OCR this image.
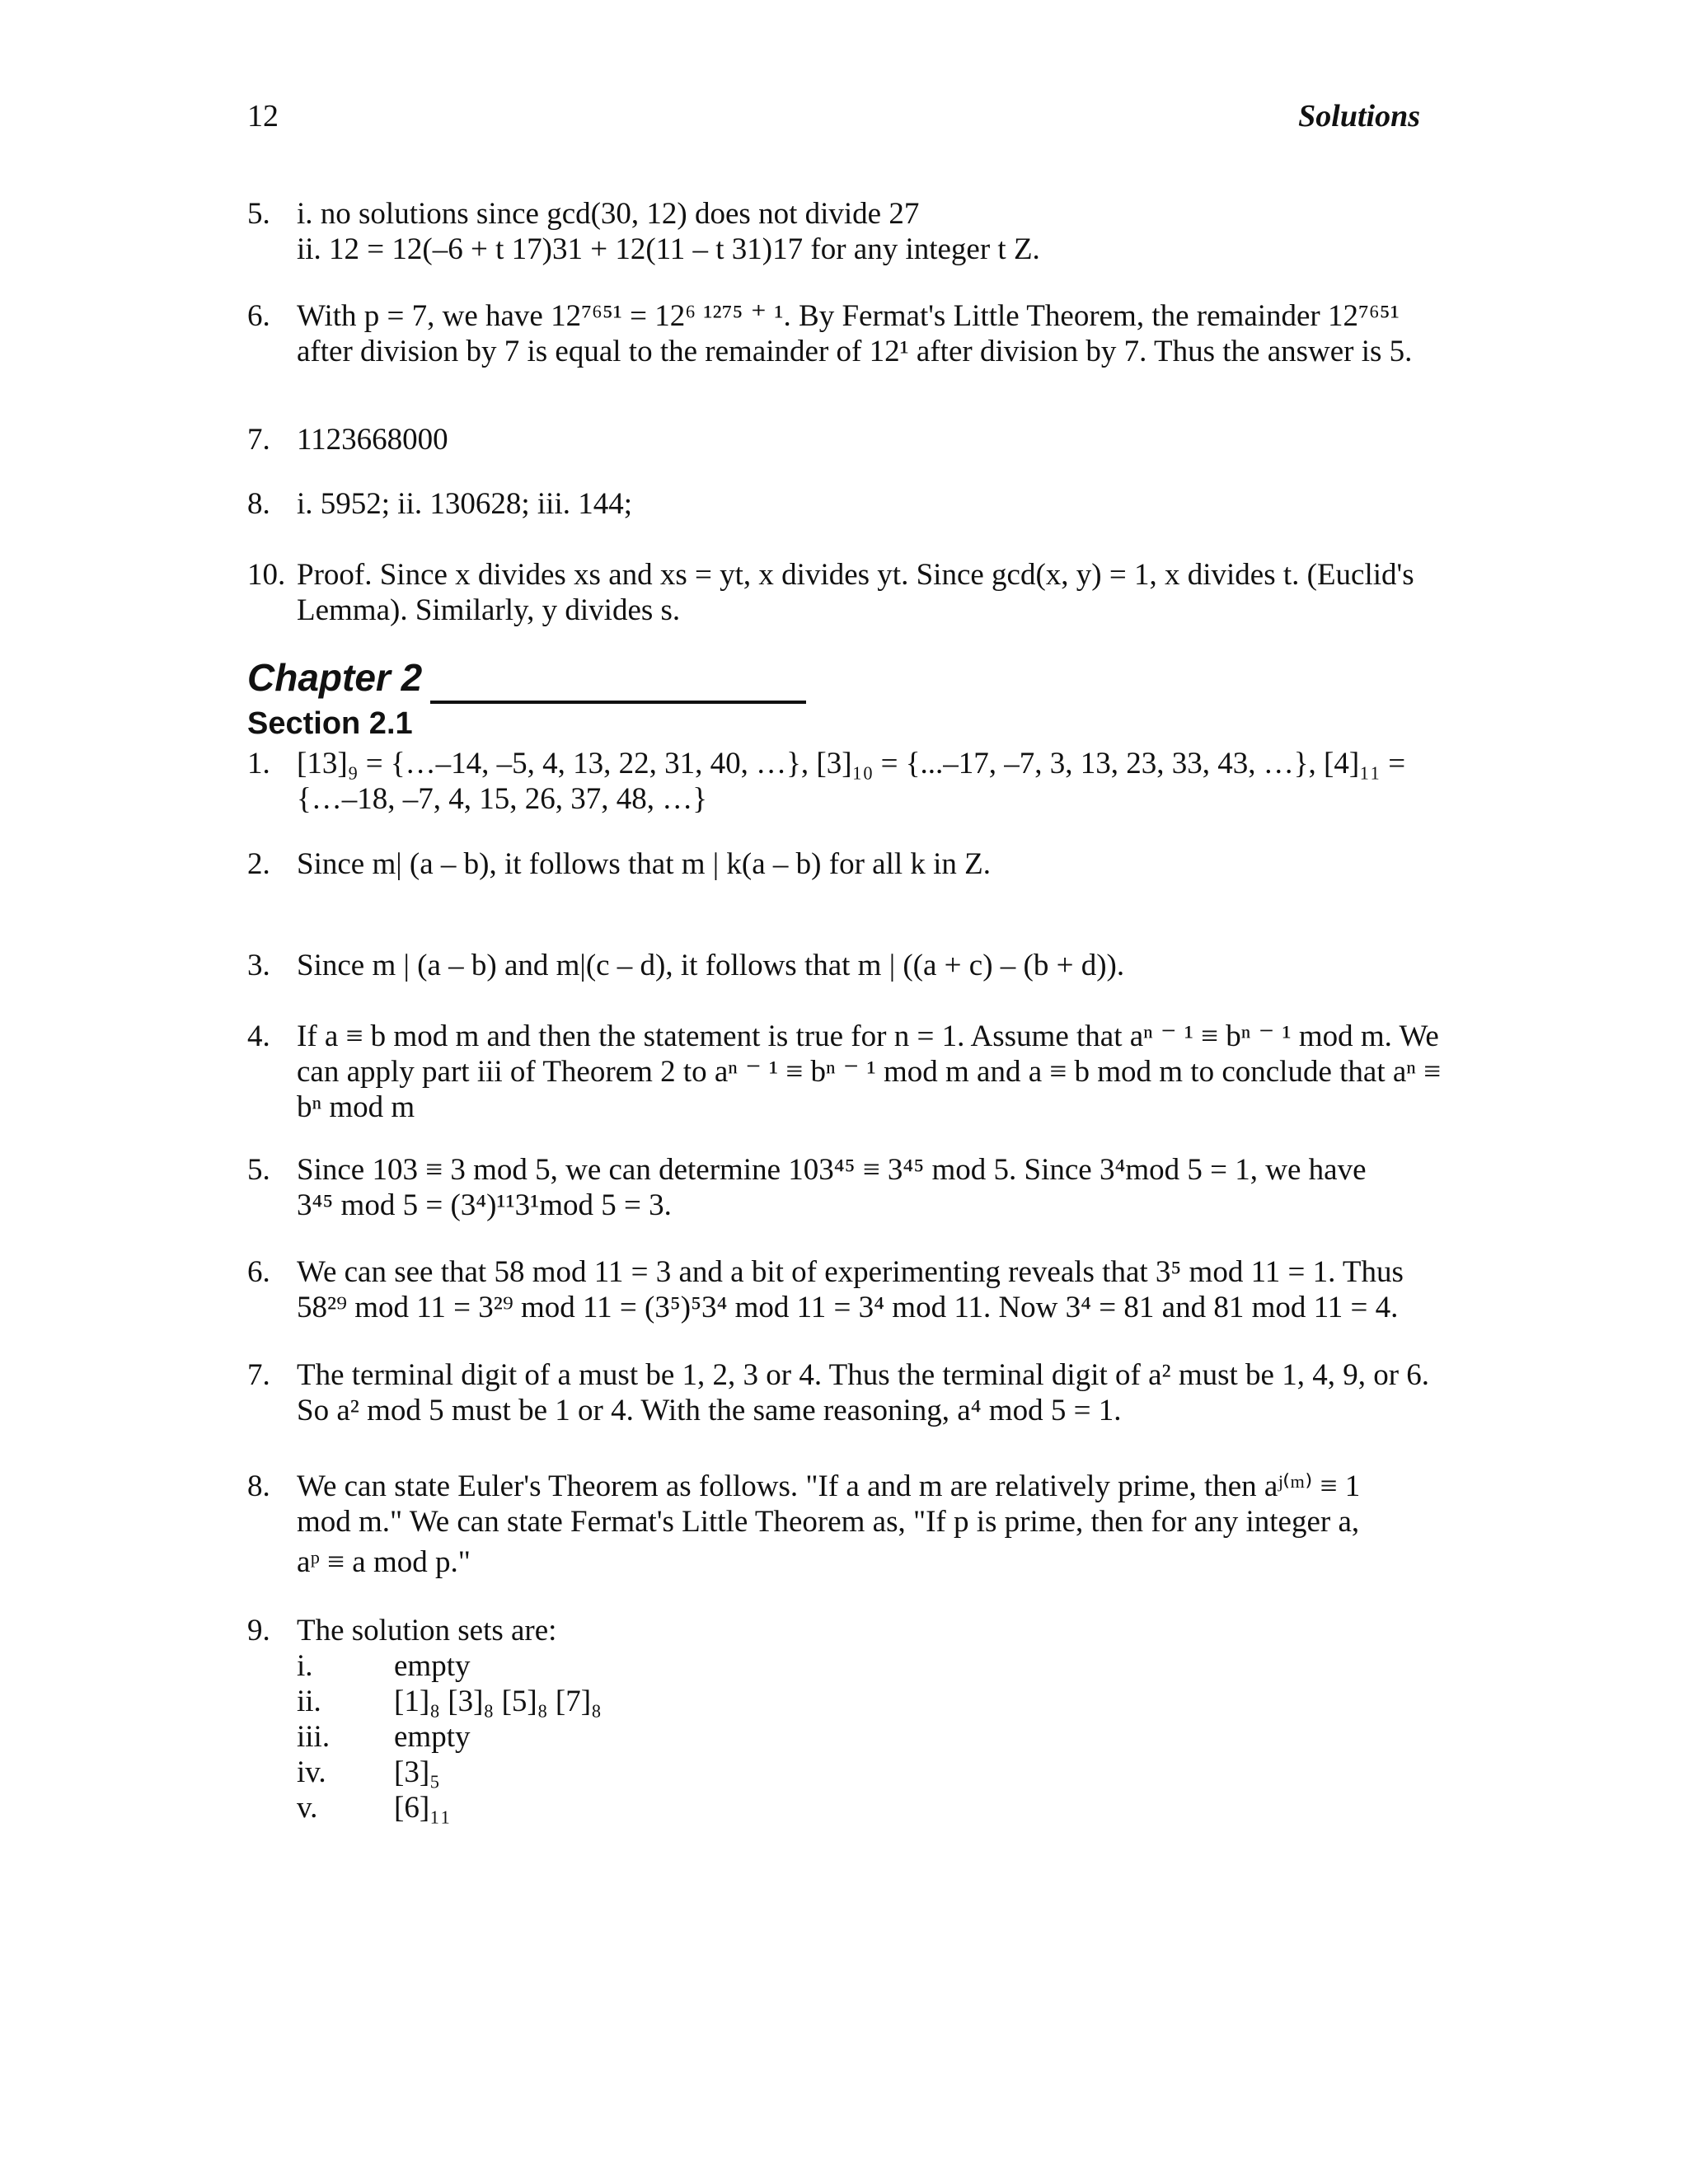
12	Solutions
5. i. no solutions since gcd(30, 12) does not divide 27
ii. 12 = 12(–6 + t 17)31 + 12(11 – t 31)17 for any integer t Z.
6. With p = 7, we have 12⁷⁶⁵¹ = 12⁶ ¹²⁷⁵ ⁺ ¹. By Fermat's Little Theorem, the remainder 12⁷⁶⁵¹
after division by 7 is equal to the remainder of 12¹ after division by 7. Thus the answer is 5.
7. 1123668000
8. i. 5952; ii. 130628; iii. 144;
10. Proof. Since x divides xs and xs = yt, x divides yt. Since gcd(x, y) = 1, x divides t. (Euclid's
Lemma). Similarly, y divides s.
Chapter 2
Section 2.1
1. [13]₉ = {…–14, –5, 4, 13, 22, 31, 40, …}, [3]₁₀ = {...–17, –7, 3, 13, 23, 33, 43, …}, [4]₁₁ =
{…–18, –7, 4, 15, 26, 37, 48, …}
2. Since m| (a – b), it follows that m | k(a – b) for all k in Z.
3. Since m | (a – b) and m|(c – d), it follows that m | ((a + c) – (b + d)).
4. If a ≡ b mod m and then the statement is true for n = 1. Assume that aⁿ ⁻ ¹ ≡ bⁿ ⁻ ¹ mod m. We
can apply part iii of Theorem 2 to aⁿ ⁻ ¹ ≡ bⁿ ⁻ ¹ mod m and a ≡ b mod m to conclude that aⁿ ≡
bⁿ mod m
5. Since 103 ≡ 3 mod 5, we can determine 103⁴⁵ ≡ 3⁴⁵ mod 5. Since 3⁴mod 5 = 1, we have
3⁴⁵ mod 5 = (3⁴)¹¹3¹mod 5 = 3.
6. We can see that 58 mod 11 = 3 and a bit of experimenting reveals that 3⁵ mod 11 = 1. Thus
58²⁹ mod 11 = 3²⁹ mod 11 = (3⁵)⁵3⁴ mod 11 = 3⁴ mod 11. Now 3⁴ = 81 and 81 mod 11 = 4.
7. The terminal digit of a must be 1, 2, 3 or 4. Thus the terminal digit of a² must be 1, 4, 9, or 6.
So a² mod 5 must be 1 or 4. With the same reasoning, a⁴ mod 5 = 1.
8. We can state Euler's Theorem as follows. "If a and m are relatively prime, then aʲ⁽ᵐ⁾ ≡ 1
mod m." We can state Fermat's Little Theorem as, "If p is prime, then for any integer a,
aᵖ ≡ a mod p."
9. The solution sets are:
i.	empty
ii. [1]₈ [3]₈ [5]₈ [7]₈
iii. empty
iv. [3]₅
v.	[6]₁₁
